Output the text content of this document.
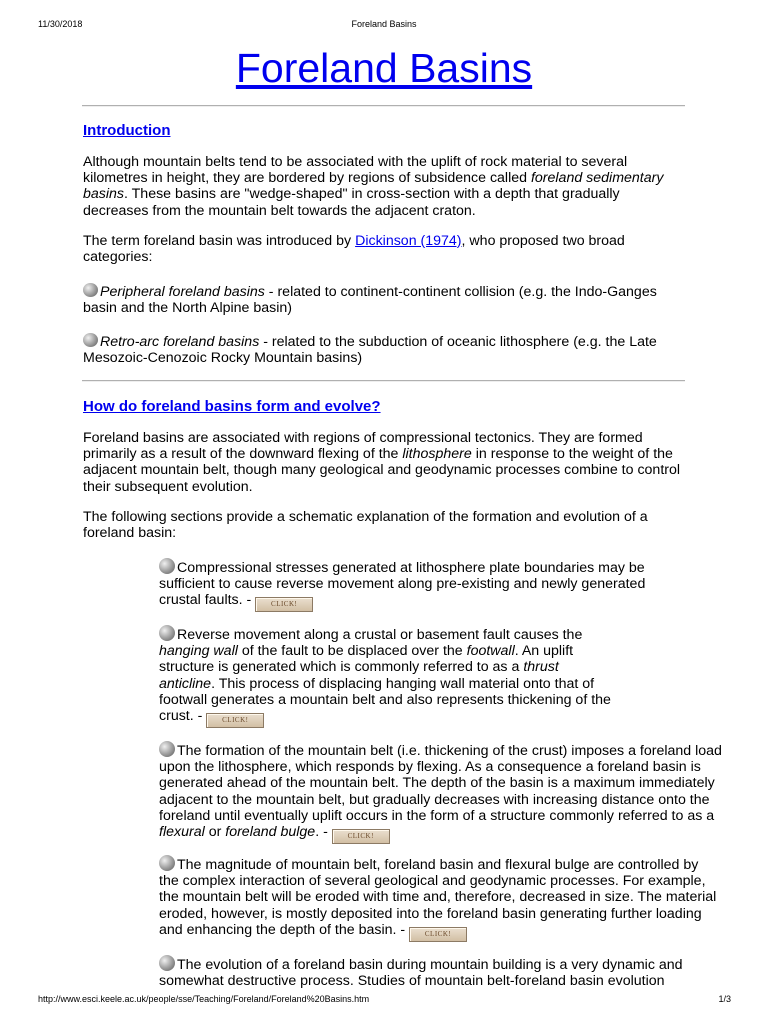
11/30/2018	Foreland Basins
Foreland Basins
Introduction

Although mountain belts tend to be associated with the uplift of rock material to several kilometres in height, they are bordered by regions of subsidence called foreland sedimentary basins. These basins are "wedge-shaped" in cross-section with a depth that gradually decreases from the mountain belt towards the adjacent craton.

The term foreland basin was introduced by Dickinson (1974), who proposed two broad categories:

Peripheral foreland basins - related to continent-continent collision (e.g. the Indo-Ganges basin and the North Alpine basin)

Retro-arc foreland basins - related to the subduction of oceanic lithosphere (e.g. the Late Mesozoic-Cenozoic Rocky Mountain basins)

How do foreland basins form and evolve?

Foreland basins are associated with regions of compressional tectonics. They are formed primarily as a result of the downward flexing of the lithosphere in response to the weight of the adjacent mountain belt, though many geological and geodynamic processes combine to control their subsequent evolution.

The following sections provide a schematic explanation of the formation and evolution of a foreland basin:

Compressional stresses generated at lithosphere plate boundaries may be sufficient to cause reverse movement along pre-existing and newly generated crustal faults. - CLICK!

Reverse movement along a crustal or basement fault causes the hanging wall of the fault to be displaced over the footwall. An uplift structure is generated which is commonly referred to as a thrust anticline. This process of displacing hanging wall material onto that of footwall generates a mountain belt and also represents thickening of the crust. - CLICK!

The formation of the mountain belt (i.e. thickening of the crust) imposes a foreland load upon the lithosphere, which responds by flexing. As a consequence a foreland basin is generated ahead of the mountain belt. The depth of the basin is a maximum immediately adjacent to the mountain belt, but gradually decreases with increasing distance onto the foreland until eventually uplift occurs in the form of a structure commonly referred to as a flexural or foreland bulge. - CLICK!

The magnitude of mountain belt, foreland basin and flexural bulge are controlled by the complex interaction of several geological and geodynamic processes. For example, the mountain belt will be eroded with time and, therefore, decreased in size. The material eroded, however, is mostly deposited into the foreland basin generating further loading and enhancing the depth of the basin. - CLICK!

The evolution of a foreland basin during mountain building is a very dynamic and somewhat destructive process. Studies of mountain belt-foreland basin evolution

http://www.esci.keele.ac.uk/people/sse/Teaching/Foreland/Foreland%20Basins.htm	1/3
